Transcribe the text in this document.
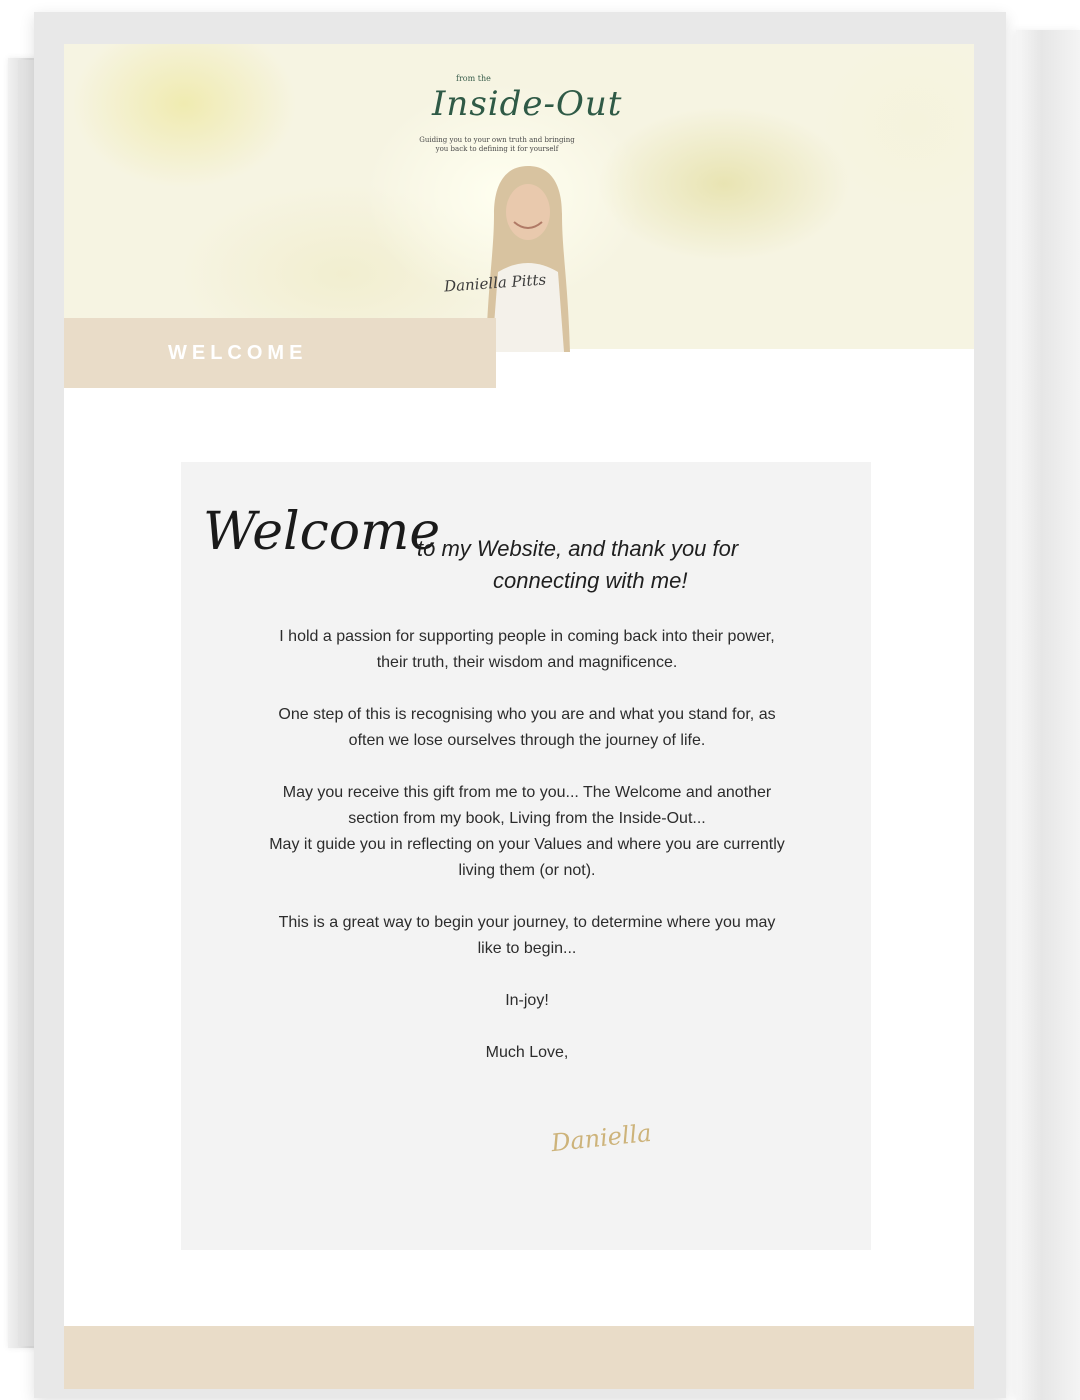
from the
Inside-Out
Guiding you to your own truth and bringing you back to defining it for yourself
Daniella Pitts
WELCOME
Welcome
to my Website, and thank you for
connecting with me!

I hold a passion for supporting people in coming back into their power, their truth, their wisdom and magnificence.

One step of this is recognising who you are and what you stand for, as often we lose ourselves through the journey of life.

May you receive this gift from me to you... The Welcome and another section from my book, Living from the Inside-Out...

May it guide you in reflecting on your Values and where you are currently living them (or not).

This is a great way to begin your journey, to determine where you may like to begin...

In-joy!

Much Love,

Daniella
